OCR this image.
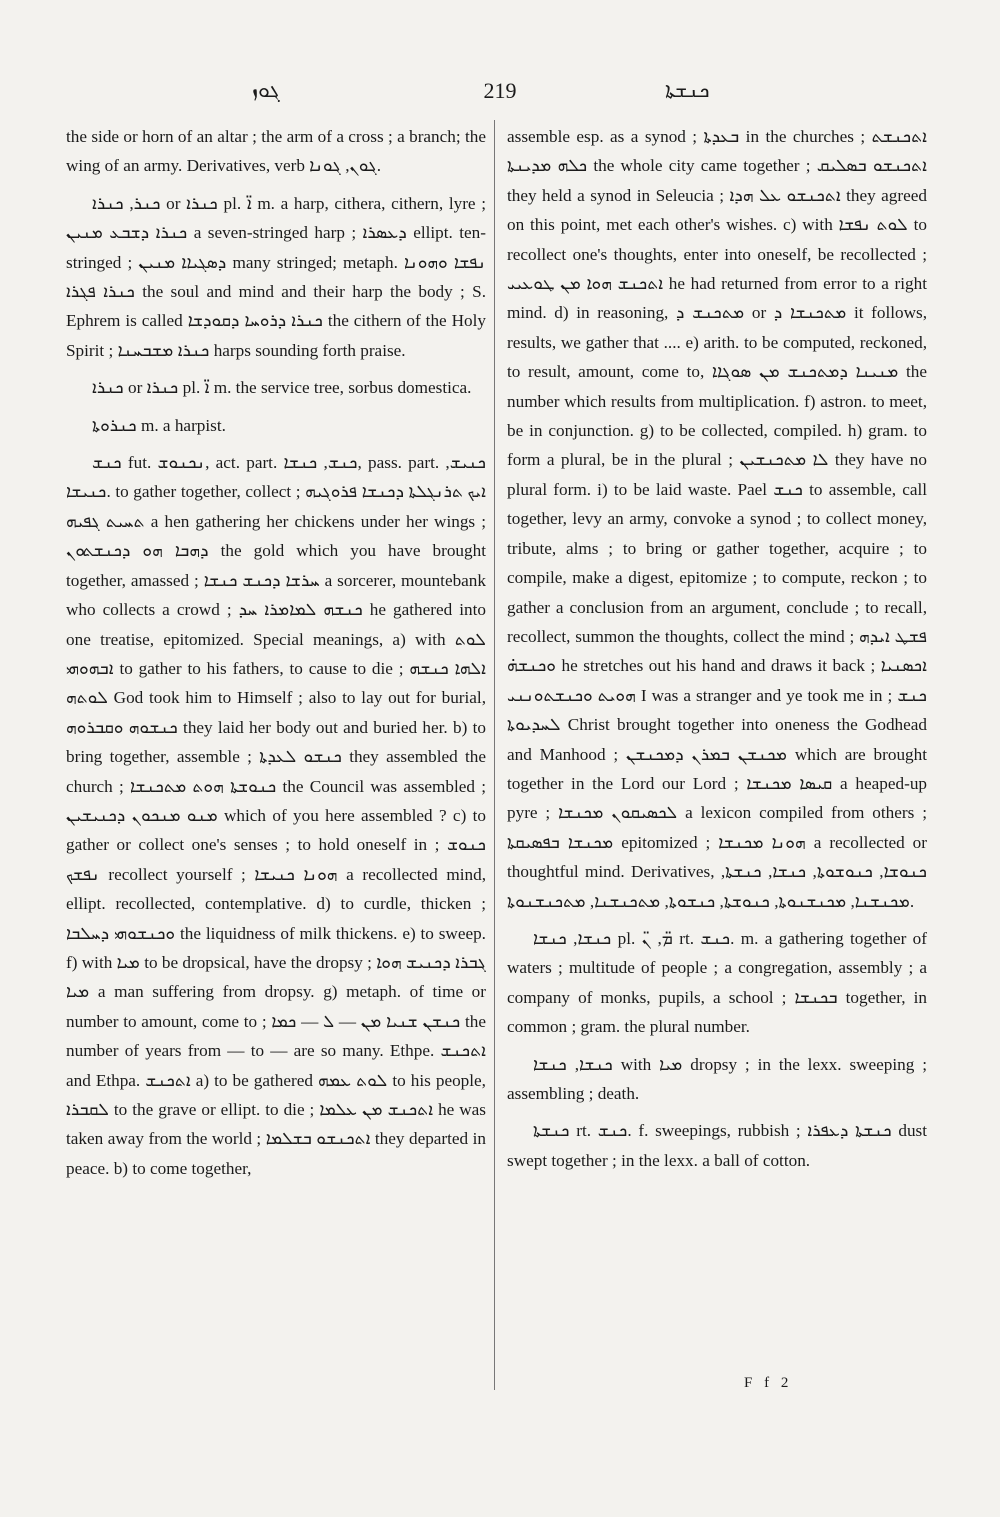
ܓܘܙ	219	ܟܢܫܬܐ

the side or horn of an altar ; the arm of a cross ; a branch; the wing of an army. Derivatives, verb ܓܘܢ, ܓܘܢܐ.

ܟܢܪ, ܟܢܪܐ or ܟܢܪܐ pl. ܐ̈ m. a harp, cithera, cithern, lyre ; ܟܢܪܐ ܕܫܒܥ ܡܢܝܢ a seven-stringed harp ; ܕܥܣܪܐ ellipt. ten-stringed ; ܕܣܓܝܐܐ ܡܢܝܢ many stringed; metaph. ܢܦܫܐ ܘܗܘܢܐ ܟܢܪܐ ܦܓܪܐ the soul and mind and their harp the body ; S. Ephrem is called ܟܢܪܐ ܕܪܘܚܐ ܕܩܘܕܫܐ the cithern of the Holy Spirit ; ܟܢܪܐ ܡܫܒܚܢܐ harps sounding forth praise.

ܟܢܪܐ or ܟܢܪܐ pl. ܐ̈ m. the service tree, sorbus domestica.

ܟܢܪܘܬܐ m. a harpist.

ܟܢܫ fut. ܢܟܢܘܫ, act. part. ܟܢܫ, ܟܢܫܐ, pass. part. ܟܢܝܫ, ܟܢܝܫܐ. to gather together, collect ; ܐܝܟ ܬܪܢܓܠܬܐ ܕܟܢܫܐ ܦܪܘܓܝܗ ܬܚܝܬ ܓܦܝܗ a hen gathering her chickens under her wings ; ܕܗܒܐ ܗܘ ܕܟܢܫܬܘܢ the gold which you have brought together, amassed ; ܚܪܫܐ ܕܟܢܫ ܟܢܫܐ a sorcerer, mountebank who collects a crowd ; ܟܢܫܗ ܠܡܐܡܪܐ ܚܕ he gathered into one treatise, epitomized. Special meanings, a) with ܠܘܬ ܐܒܗܘܗܝ to gather to his fathers, to cause to die ; ܐܠܗܐ ܟܢܫܗ ܠܘܬܗ God took him to Himself ; also to lay out for burial, ܟܢܫܘܗ ܘܩܒܪܘܗ they laid her body out and buried her. b) to bring together, assemble ; ܟܢܫܘ ܠܥܕܬܐ they assembled the church ; ܟܢܘܫܬܐ ܗܘܬ ܡܬܟܢܫܐ the Council was assembled ; ܡܢܘ ܡܢܟܘܢ ܕܟܢܝܫܝܢ which of you here assembled ? c) to gather or collect one's senses ; to hold oneself in ; ܟܢܘܫ ܢܦܫܟ recollect yourself ; ܗܘܢܐ ܟܢܝܫܐ a recollected mind, ellipt. recollected, contemplative. d) to curdle, thicken ; ܘܟܢܫܘܗܝ ܕܚܠܒܐ the liquidness of milk thickens. e) to sweep. f) with ܡܝܐ to be dropsical, have the dropsy ; ܓܒܪܐ ܕܟܢܝܫ ܗܘܐ ܡܝܐ a man suffering from dropsy. g) metaph. of time or number to amount, come to ; ܟܢܫܢ ܫܢܝܐ ܡܢ — ܠ — ܟܡܐ the number of years from — to — are so many. Ethpe. ܐܬܟܢܫ and Ethpa. ܐܬܟܢܫ a) to be gathered ܠܘܬ ܥܡܗ to his people, ܠܩܒܪܐ to the grave or ellipt. to die ; ܐܬܟܢܫ ܡܢ ܥܠܡܐ he was taken away from the world ; ܐܬܟܢܫܘ ܒܫܠܡܐ they departed in peace. b) to come together,

assemble esp. as a synod ; ܒܥܕܬܐ in the churches ; ܐܬܟܢܫܬ ܟܠܗ ܡܕܝܢܬܐ the whole city came together ; ܐܬܟܢܫܘ ܒܣܠܝܩ they held a synod in Seleucia ; ܐܬܟܢܫܘ ܥܠ ܗܕܐ they agreed on this point, met each other's wishes. c) with ܠܘܬ ܢܦܫܐ to recollect one's thoughts, enter into oneself, be recollected ; ܐܬܟܢܫ ܗܘܐ ܡܢ ܛܘܥܝܝ he had returned from error to a right mind. d) in reasoning, ܡܬܟܢܫ ܕ or ܡܬܟܢܫܐ ܕ it follows, results, we gather that .... e) arith. to be computed, reckoned, to result, amount, come to, ܡܢܝܢܐ ܕܡܬܟܢܫ ܡܢ ܣܘܓܐܐ the number which results from multiplication. f) astron. to meet, be in conjunction. g) to be collected, compiled. h) gram. to form a plural, be in the plural ; ܠܐ ܡܬܟܢܫܝܢ they have no plural form. i) to be laid waste. Pael ܟܢܫ to assemble, call together, levy an army, convoke a synod ; to collect money, tribute, alms ; to bring or gather together, acquire ; to compile, make a digest, epitomize ; to compute, reckon ; to gather a conclusion from an argument, conclude ; to recall, recollect, summon the thoughts, collect the mind ; ܦܫܛ ܐܝܕܗ ܘܟܢܫܗ̇ he stretches out his hand and draws it back ; ܐܟܣܢܝܐ ܗܘܝܬ ܘܟܢܫܬܘܢܢܝ I was a stranger and ye took me in ; ܟܢܫ ܠܚܕܝܘܬܐ Christ brought together into oneness the Godhead and Manhood ; ܡܟܢܫܢ ܒܡܪܢ ܕܡܟܢܫܢ which are brought together in the Lord our Lord ; ܩܝܣܐ ܡܟܢܫܐ a heaped-up pyre ; ܠܟܣܝܩܘܢ ܡܟܢܫܐ a lexicon compiled from others ; ܡܟܢܫܐ ܒܦܣܝܩܬܐ epitomized ; ܗܘܢܐ ܡܟܢܫܐ a recollected or thoughtful mind. Derivatives, ܟܢܘܫܐ, ܟܢܘܫܘܬܐ, ܟܢܫܐ, ܟܢܫܬܐ, ܡܟܢܫܢܐ, ܡܟܢܫܢܘܬܐ, ܟܢܘܫܬܐ, ܟܢܫܘܬܐ, ܡܬܟܢܫܢܐ, ܡܬܟܢܫܢܘܬܐ.

ܟܢܫܐ, ܟܢܫܐ pl. ܡ̈, ܢ̈ rt. ܟܢܫ. m. a gathering together of waters ; multitude of people ; a congregation, assembly ; a company of monks, pupils, a school ; ܒܟܢܫܐ together, in common ; gram. the plural number.

ܟܢܫܐ, ܟܢܫܐ with ܡܝܐ dropsy ; in the lexx. sweeping ; assembling ; death.

ܟܢܫܬܐ rt. ܟܢܫ. f. sweepings, rubbish ; ܟܢܫܬܐ ܕܥܦܪܐ dust swept together ; in the lexx. a ball of cotton.

F f 2
